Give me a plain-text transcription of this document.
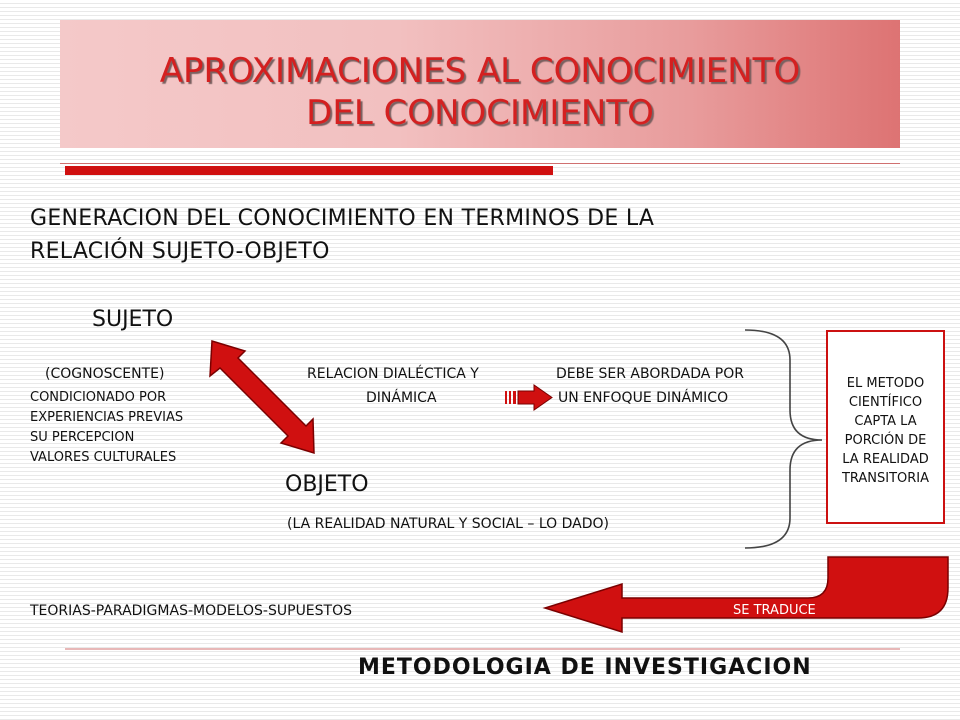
APROXIMACIONES AL CONOCIMIENTO
DEL CONOCIMIENTO
GENERACION DEL CONOCIMIENTO EN TERMINOS DE LA
RELACIÓN SUJETO-OBJETO
SUJETO
(COGNOSCENTE)
CONDICIONADO POR
EXPERIENCIAS PREVIAS
SU PERCEPCION
VALORES CULTURALES
RELACION DIALÉCTICA Y
DINÁMICA
DEBE SER ABORDADA POR
UN ENFOQUE DINÁMICO
OBJETO
(LA REALIDAD NATURAL Y SOCIAL – LO DADO)
EL METODO
CIENTÍFICO
CAPTA LA
PORCIÓN DE
LA REALIDAD
TRANSITORIA
TEORIAS-PARADIGMAS-MODELOS-SUPUESTOS	SE TRADUCE
METODOLOGIA DE INVESTIGACION
